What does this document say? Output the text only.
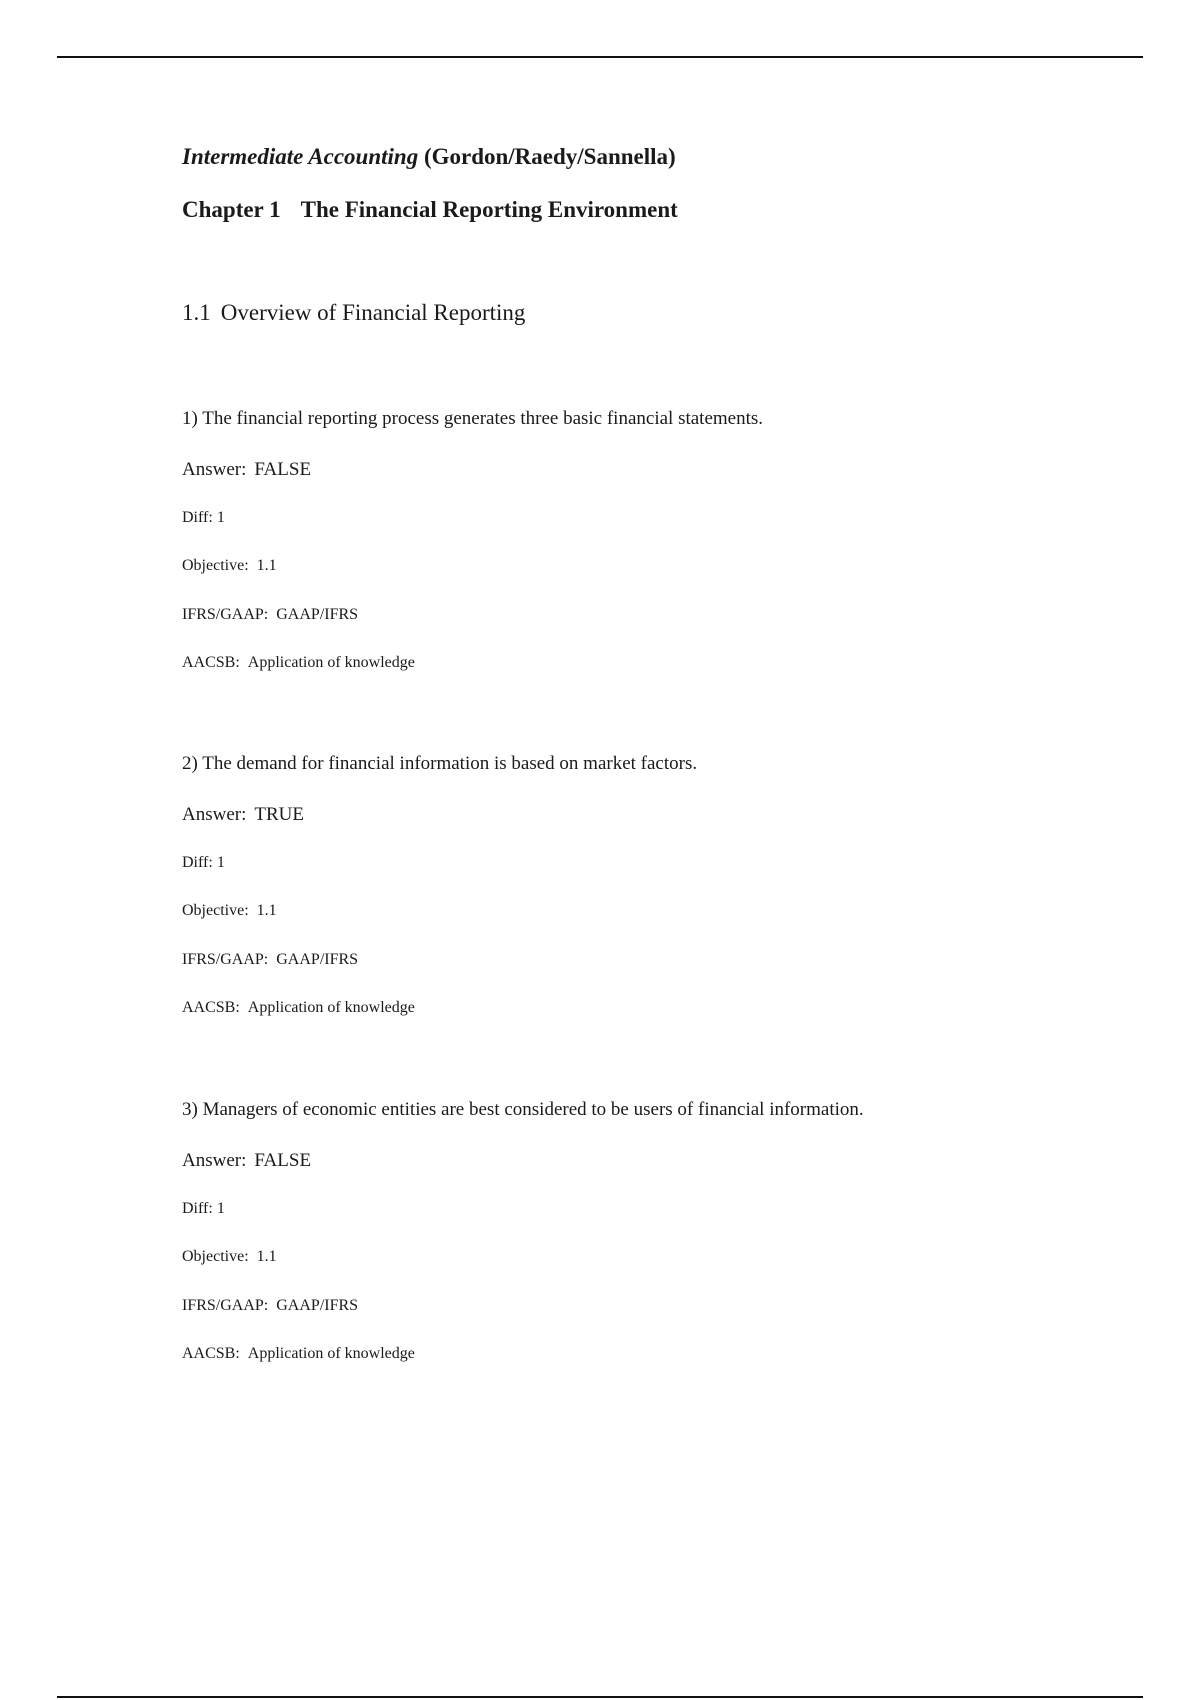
Intermediate Accounting (Gordon/Raedy/Sannella)
Chapter 1 The Financial Reporting Environment
1.1 Overview of Financial Reporting
1) The financial reporting process generates three basic financial statements.
Answer: FALSE
Diff: 1
Objective: 1.1
IFRS/GAAP: GAAP/IFRS
AACSB: Application of knowledge
2) The demand for financial information is based on market factors.
Answer: TRUE
Diff: 1
Objective: 1.1
IFRS/GAAP: GAAP/IFRS
AACSB: Application of knowledge
3) Managers of economic entities are best considered to be users of financial information.
Answer: FALSE
Diff: 1
Objective: 1.1
IFRS/GAAP: GAAP/IFRS
AACSB: Application of knowledge
